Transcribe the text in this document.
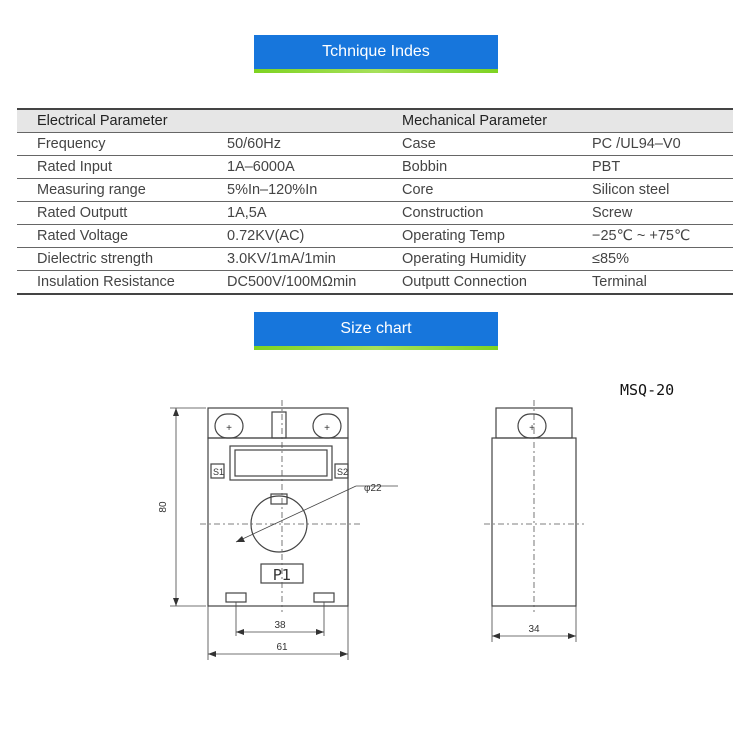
Tchnique Indes
Electrical Parameter		Mechanical Parameter	
Frequency	50/60Hz	Case	PC /UL94–V0
Rated Input	1A–6000A	Bobbin	PBT
Measuring range	5%In–120%In	Core	Silicon steel
Rated Outputt	1A,5A	Construction	Screw
Rated Voltage	0.72KV(AC)	Operating Temp	−25℃ ~ +75℃
Dielectric strength	3.0KV/1mA/1min	Operating Humidity	≤85%
Insulation Resistance	DC500V/100MΩmin	Outputt Connection	Terminal
Size chart
MSQ-20
+	+	+
S1	S2
P1
φ22
80
38
61
34
